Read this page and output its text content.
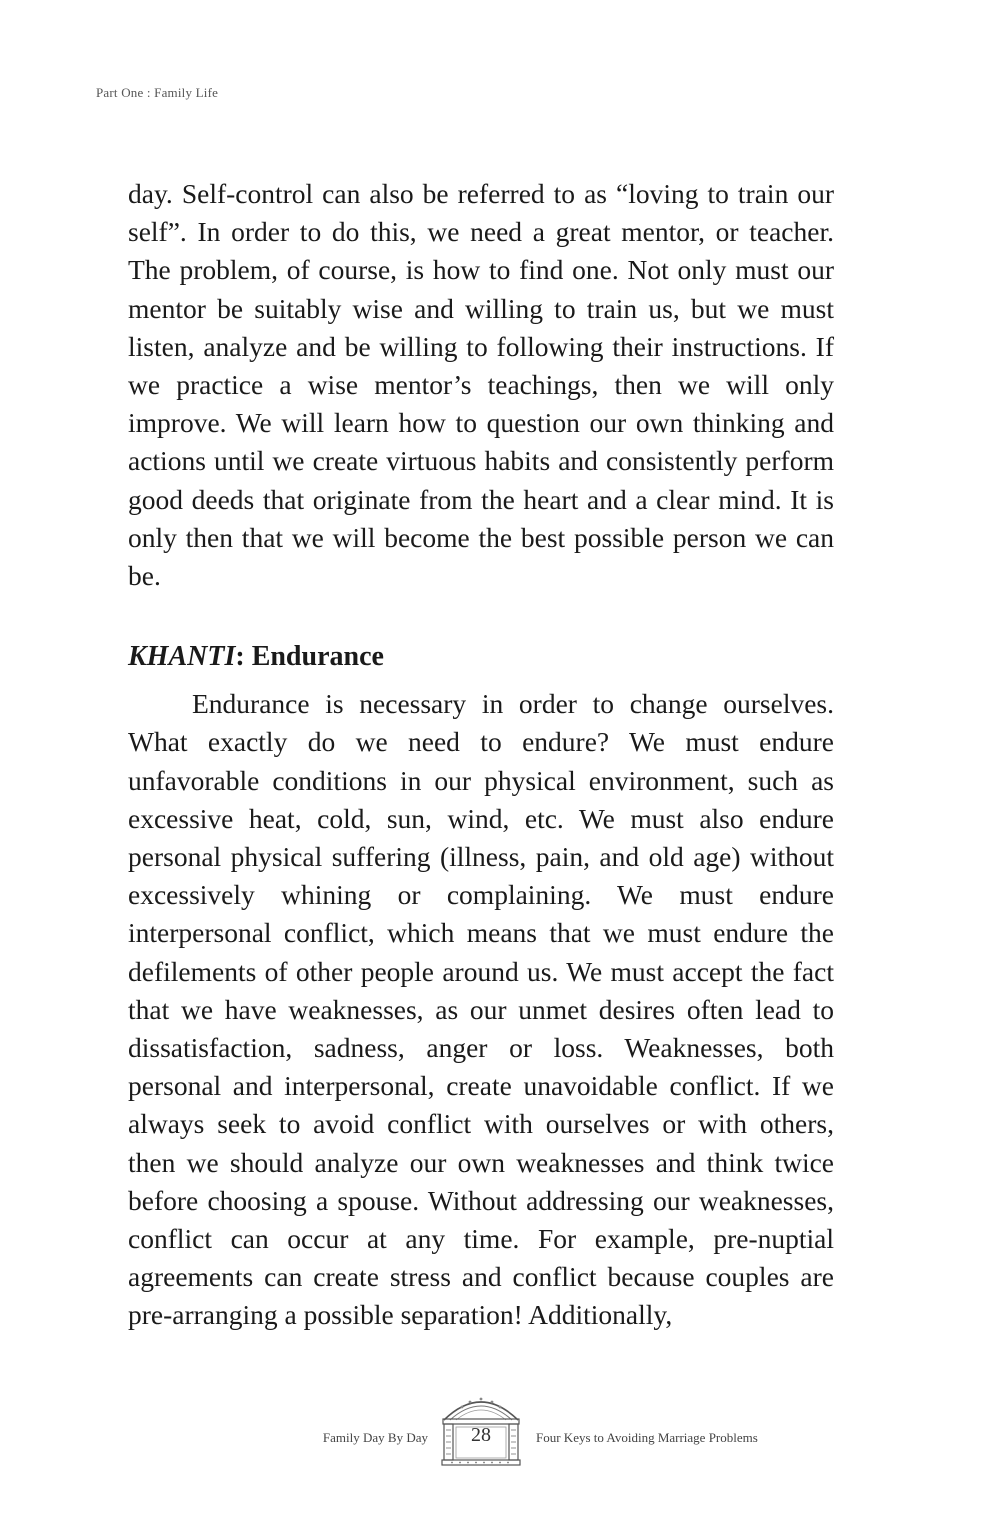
Part One : Family Life

day. Self-control can also be referred to as “loving to train our self”. In order to do this, we need a great mentor, or teacher. The problem, of course, is how to find one. Not only must our mentor be suitably wise and willing to train us, but we must listen, analyze and be willing to following their instructions. If we practice a wise mentor’s teachings, then we will only improve. We will learn how to question our own thinking and actions until we create virtuous habits and consistently perform good deeds that originate from the heart and a clear mind. It is only then that we will become the best possible person we can be.

KHANTI: Endurance

Endurance is necessary in order to change ourselves. What exactly do we need to endure? We must endure unfavorable conditions in our physical environment, such as excessive heat, cold, sun, wind, etc. We must also endure personal physical suffering (illness, pain, and old age) without excessively whining or complaining. We must endure interpersonal conflict, which means that we must endure the defilements of other people around us. We must accept the fact that we have weaknesses, as our unmet desires often lead to dissatisfaction, sadness, anger or loss. Weaknesses, both personal and interpersonal, create unavoidable conflict. If we always seek to avoid conflict with ourselves or with others, then we should analyze our own weaknesses and think twice before choosing a spouse. Without addressing our weaknesses, conflict can occur at any time. For example, pre-nuptial agreements can create stress and conflict because couples are pre-arranging a possible separation! Additionally,

Family Day By Day	28	Four Keys to Avoiding Marriage Problems
